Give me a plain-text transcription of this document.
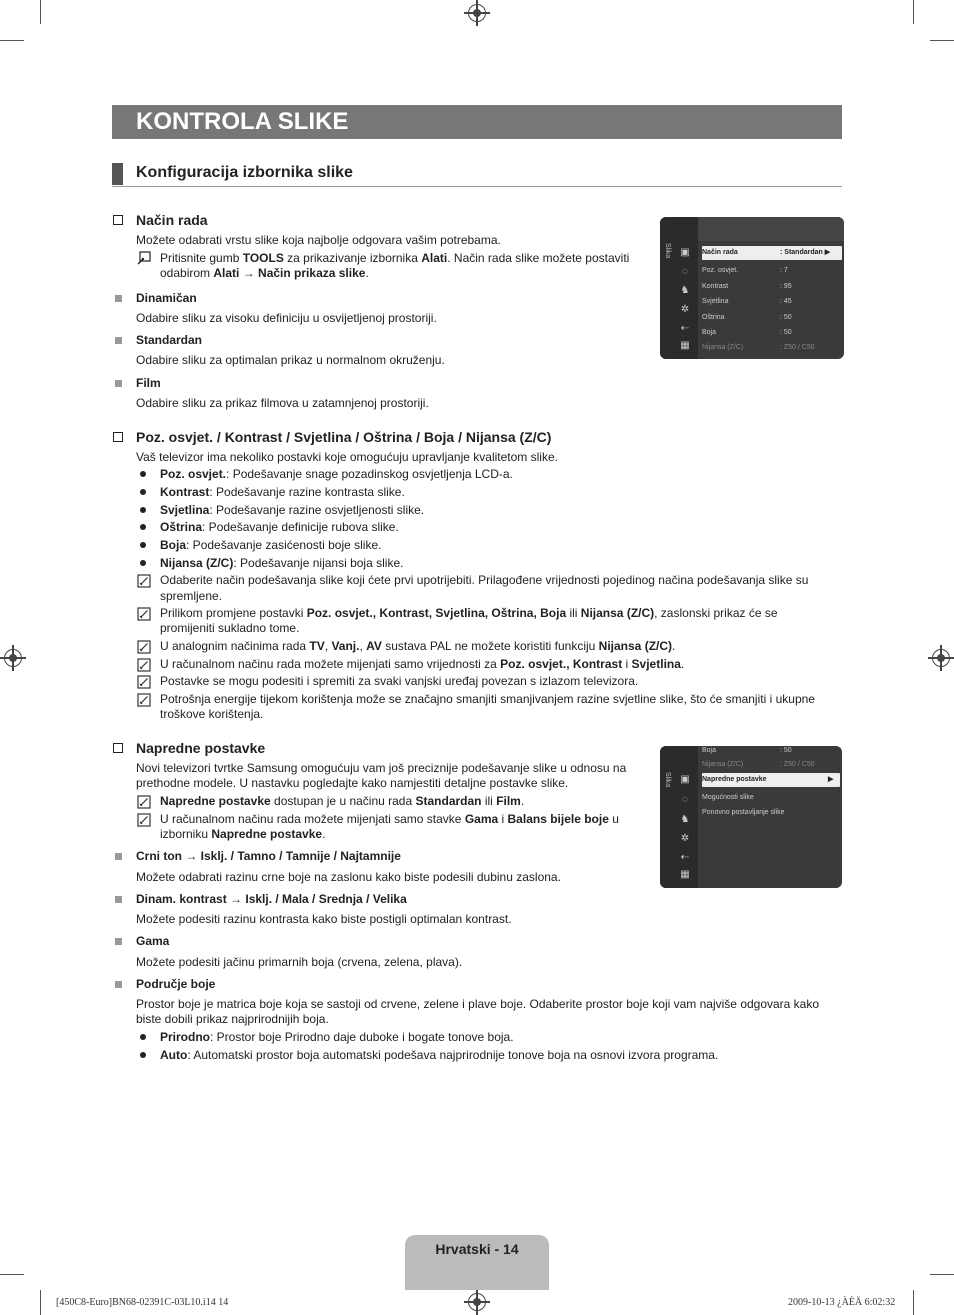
KONTROLA SLIKE
Konfiguracija izbornika slike
Način rada
Možete odabrati vrstu slike koja najbolje odgovara vašim potrebama.
Pritisnite gumb TOOLS za prikazivanje izbornika Alati. Način rada slike možete postaviti
odabirom Alati → Način prikaza slike.
Dinamičan
Odabire sliku za visoku definiciju u osvijetljenoj prostoriji.
Standardan
Odabire sliku za optimalan prikaz u normalnom okruženju.
Film
Odabire sliku za prikaz filmova u zatamnjenoj prostoriji.
Slika ▣
◌
♞
✲
⇠
▦
Način rada	: Standardan ▶
Poz. osvjet.	: 7
Kontrast	: 95
Svjetlina	: 45
Oštrina	: 50
Boja	: 50
Nijansa (Z/C)	: Z50 / C50
Poz. osvjet. / Kontrast / Svjetlina / Oštrina / Boja / Nijansa (Z/C)
Vaš televizor ima nekoliko postavki koje omogućuju upravljanje kvalitetom slike.
Poz. osvjet.: Podešavanje snage pozadinskog osvjetljenja LCD-a.
Kontrast: Podešavanje razine kontrasta slike.
Svjetlina: Podešavanje razine osvjetljenosti slike.
Oštrina: Podešavanje definicije rubova slike.
Boja: Podešavanje zasićenosti boje slike.
Nijansa (Z/C): Podešavanje nijansi boja slike.
Odaberite način podešavanja slike koji ćete prvi upotrijebiti. Prilagođene vrijednosti pojedinog načina podešavanja slike su
spremljene.
Prilikom promjene postavki Poz. osvjet., Kontrast, Svjetlina, Oštrina, Boja ili Nijansa (Z/C), zaslonski prikaz će se
promijeniti sukladno tome.
U analognim načinima rada TV, Vanj., AV sustava PAL ne možete koristiti funkciju Nijansa (Z/C).
U računalnom načinu rada možete mijenjati samo vrijednosti za Poz. osvjet., Kontrast i Svjetlina.
Postavke se mogu podesiti i spremiti za svaki vanjski uređaj povezan s izlazom televizora.
Potrošnja energije tijekom korištenja može se značajno smanjiti smanjivanjem razine svjetline slike, što će smanjiti i ukupne
troškove korištenja.
Napredne postavke
Novi televizori tvrtke Samsung omogućuju vam još preciznije podešavanje slike u odnosu na
prethodne modele. U nastavku pogledajte kako namjestiti detaljne postavke slike.
Napredne postavke dostupan je u načinu rada Standardan ili Film.
U računalnom načinu rada možete mijenjati samo stavke Gama i Balans bijele boje u
izborniku Napredne postavke.
Crni ton → Isklj. / Tamno / Tamnije / Najtamnije
Možete odabrati razinu crne boje na zaslonu kako biste podesili dubinu zaslona.
Dinam. kontrast → Isklj. / Mala / Srednja / Velika
Možete podesiti razinu kontrasta kako biste postigli optimalan kontrast.
Gama
Možete podesiti jačinu primarnih boja (crvena, zelena, plava).
Područje boje
Prostor boje je matrica boje koja se sastoji od crvene, zelene i plave boje. Odaberite prostor boje koji vam najviše odgovara kako
biste dobili prikaz najprirodnijih boja.
Prirodno: Prostor boje Prirodno daje duboke i bogate tonove boja.
Auto: Automatski prostor boja automatski podešava najprirodnije tonove boja na osnovi izvora programa.
Slika ▣
◌
♞
✲
⇠
▦
Boja	: 50
Nijansa (Z/C)	: Z50 / C50
Napredne postavke	▶
Mogućnosti slike
Ponovno postavljanje slike
Hrvatski - 14
[450C8-Euro]BN68-02391C-03L10.i14 14	2009-10-13 ¿ÀÈÄ 6:02:32
